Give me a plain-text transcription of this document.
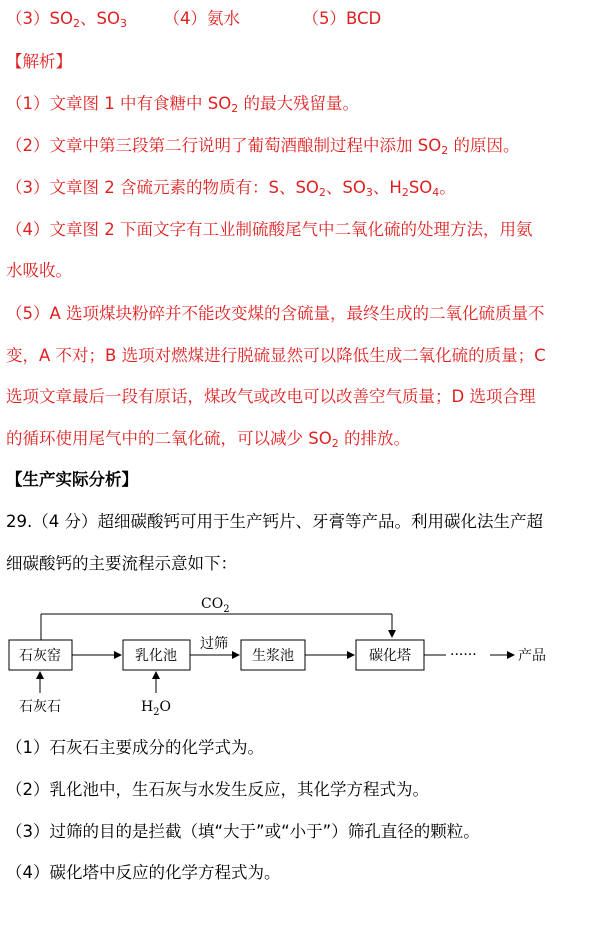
$(3)SO_2$、$SO_3$ （4）氨水	（5）BCD
【解析】
（1）文章图 1 中有食糖中 $SO_2$ 的最大残留量。
（2）文章中第三段第二行说明了葡萄酒酿制过程中添加 $SO_2$ 的原因。
（3）文章图 2 含硫元素的物质有：S、$SO_2$、$SO_3$、$H_2SO_4$。
（4）文章图 2 下面文字有工业制硫酸尾气中二氧化硫的处理方法，用氨
水吸收。
（5）A 选项煤块粉碎并不能改变煤的含硫量，最终生成的二氧化硫质量不
变，A 不对；B 选项对燃煤进行脱硫显然可以降低生成二氧化硫的质量；C
选项文章最后一段有原话，煤改气或改电可以改善空气质量；D 选项合理
的循环使用尾气中的二氧化硫，可以减少 $SO_2$ 的排放。
【生产实际分析】
29.（4 分）超细碳酸钙可用于生产钙片、牙膏等产品。利用碳化法生产超
细碳酸钙的主要流程示意如下：
$CO_2$
石灰窑	乳化池	生浆池	碳化塔
过筛
······	产品
石灰石	$H_2O$
（1）石灰石主要成分的化学式为。
（2）乳化池中，生石灰与水发生反应，其化学方程式为。
（3）过筛的目的是拦截（填“大于”或“小于”）筛孔直径的颗粒。
（4）碳化塔中反应的化学方程式为。
